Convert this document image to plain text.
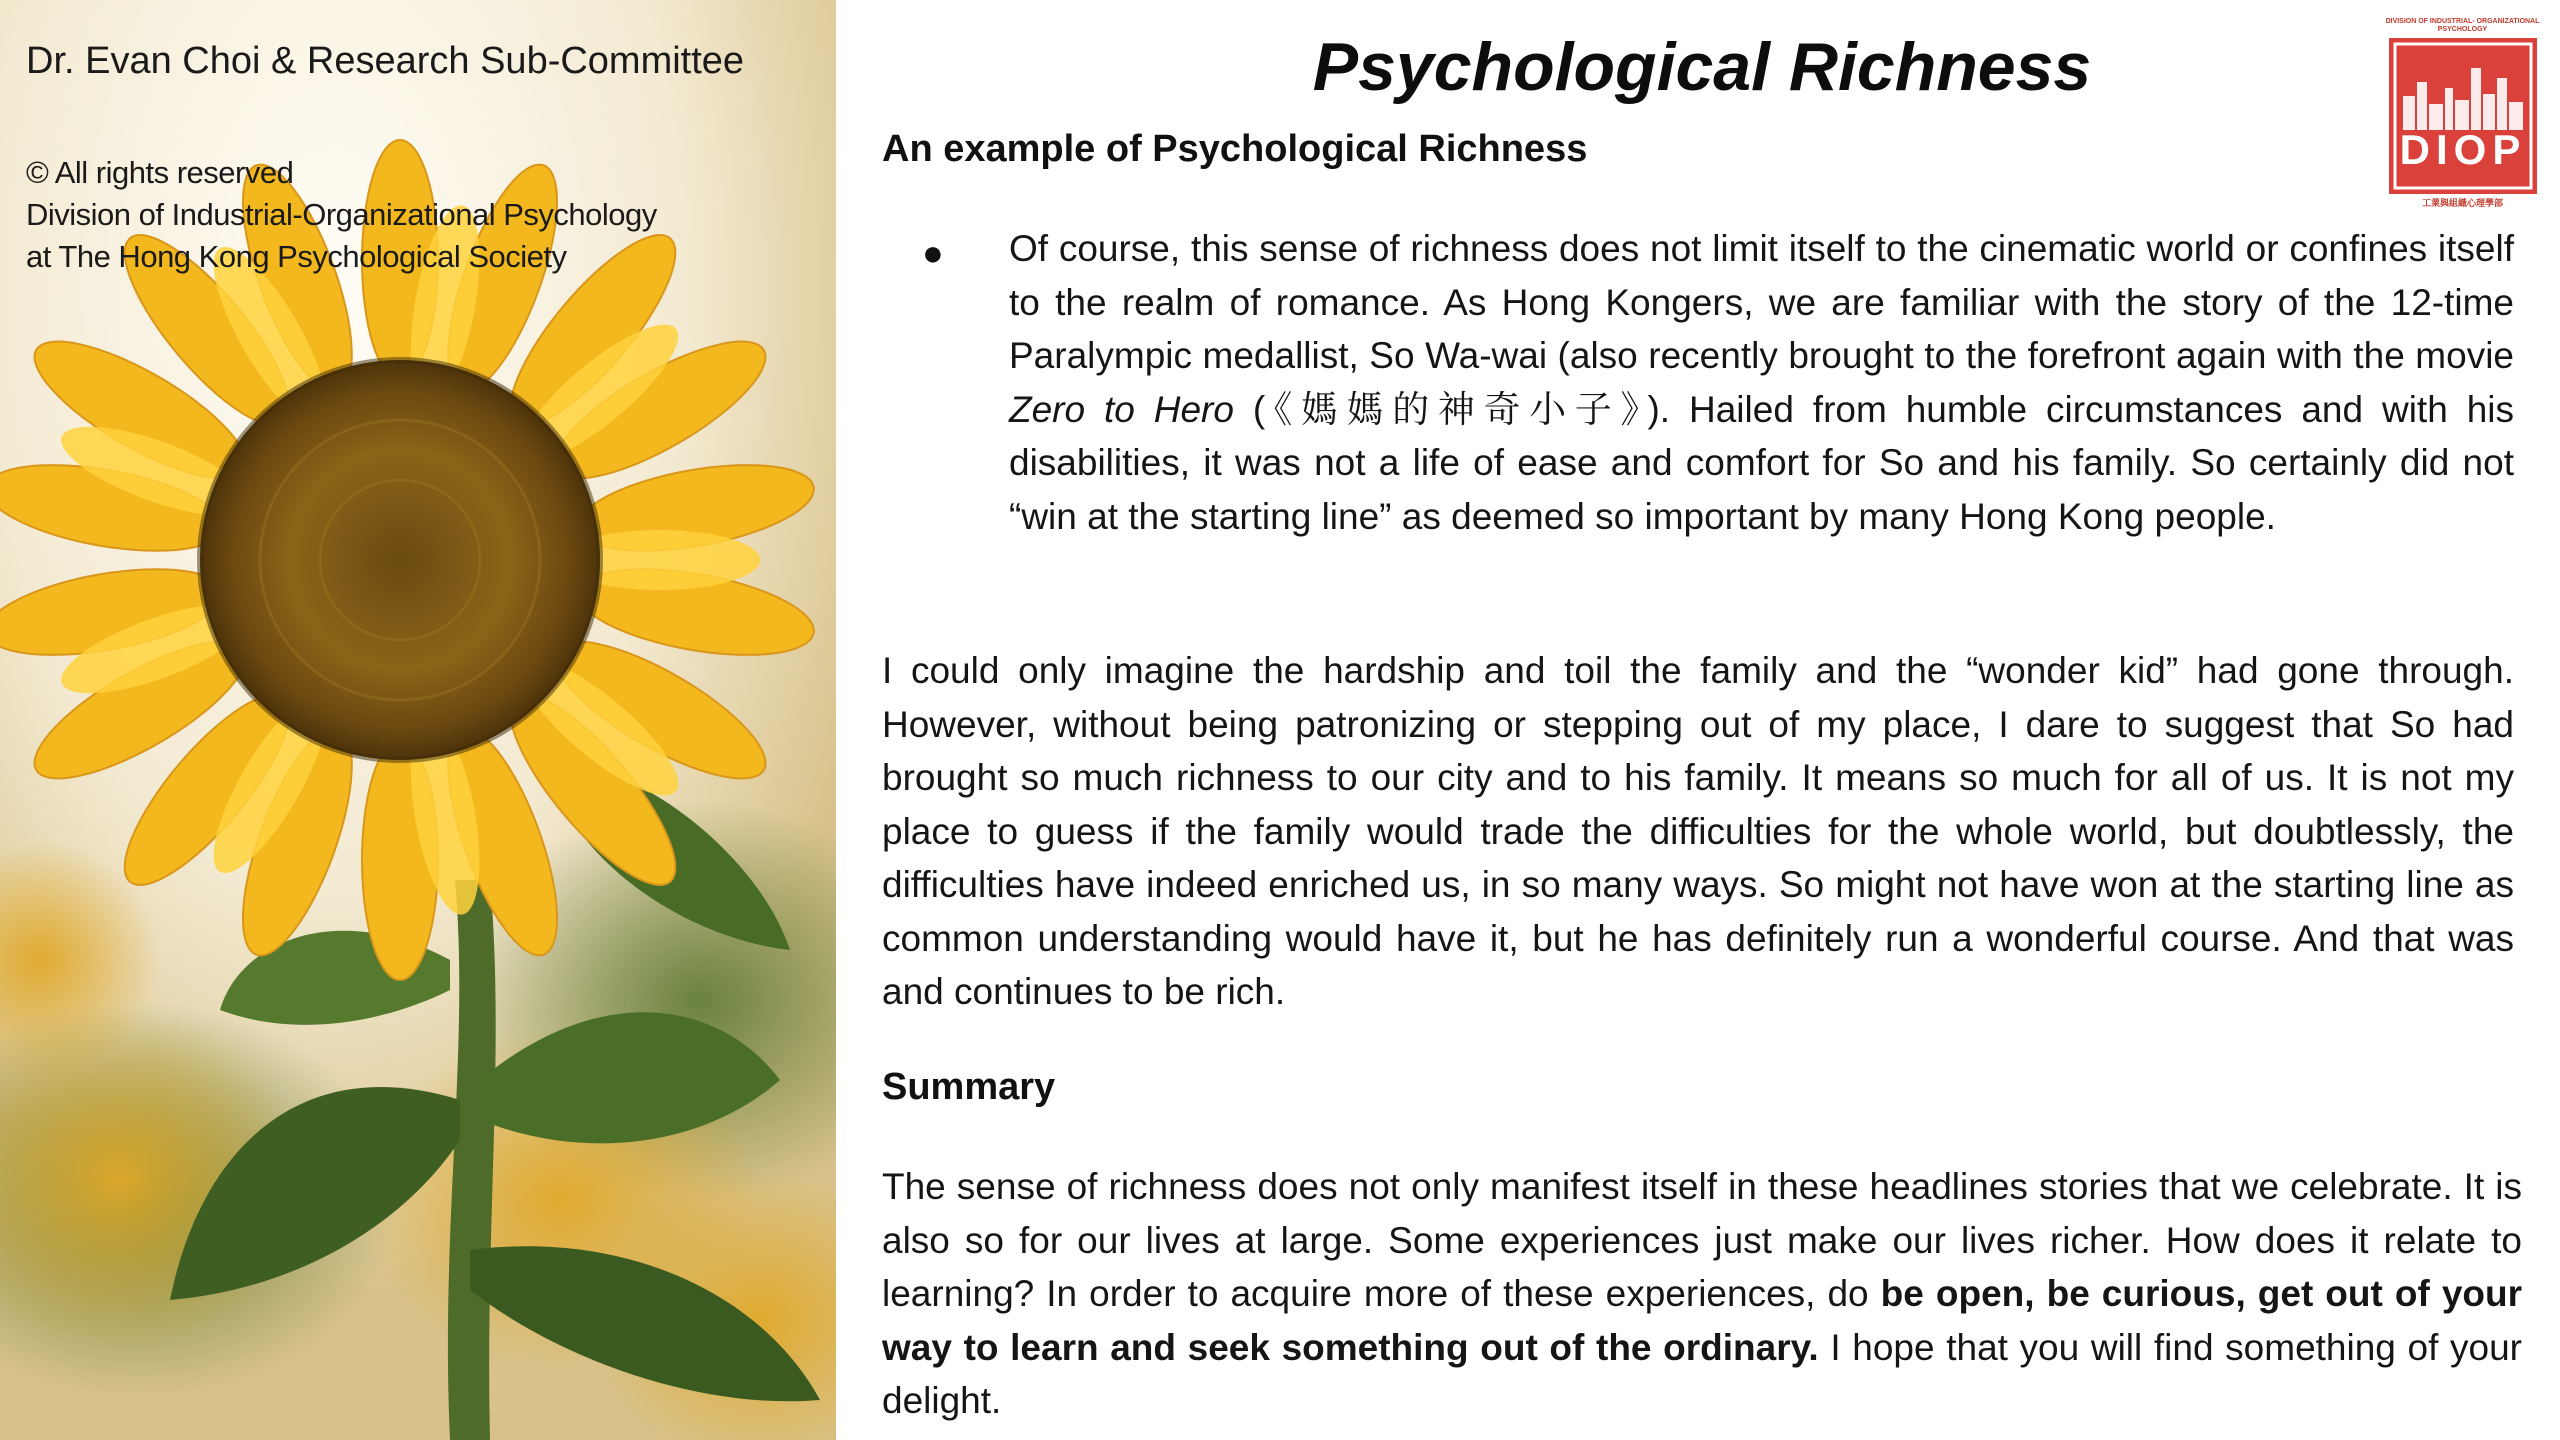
Dr. Evan Choi & Research Sub-Committee
© All rights reserved
Division of Industrial-Organizational Psychology
at The Hong Kong Psychological Society
Psychological Richness
An example of Psychological Richness
● Of course, this sense of richness does not limit itself to the cinematic world or confines itself to the realm of romance. As Hong Kongers, we are familiar with the story of the 12-time Paralympic medallist, So Wa-wai (also recently brought to the forefront again with the movie Zero to Hero (《媽媽的神奇小子》). Hailed from humble circumstances and with his disabilities, it was not a life of ease and comfort for So and his family. So certainly did not “win at the starting line” as deemed so important by many Hong Kong people.
I could only imagine the hardship and toil the family and the “wonder kid” had gone through. However, without being patronizing or stepping out of my place, I dare to suggest that So had brought so much richness to our city and to his family. It means so much for all of us. It is not my place to guess if the family would trade the difficulties for the whole world, but doubtlessly, the difficulties have indeed enriched us, in so many ways. So might not have won at the starting line as common understanding would have it, but he has definitely run a wonderful course. And that was and continues to be rich.
Summary
The sense of richness does not only manifest itself in these headlines stories that we celebrate. It is also so for our lives at large. Some experiences just make our lives richer. How does it relate to learning? In order to acquire more of these experiences, do be open, be curious, get out of your way to learn and seek something out of the ordinary. I hope that you will find something of your delight.
DIVISION OF INDUSTRIAL- ORGANIZATIONAL PSYCHOLOGY
DIOP
工業與組織心理學部
